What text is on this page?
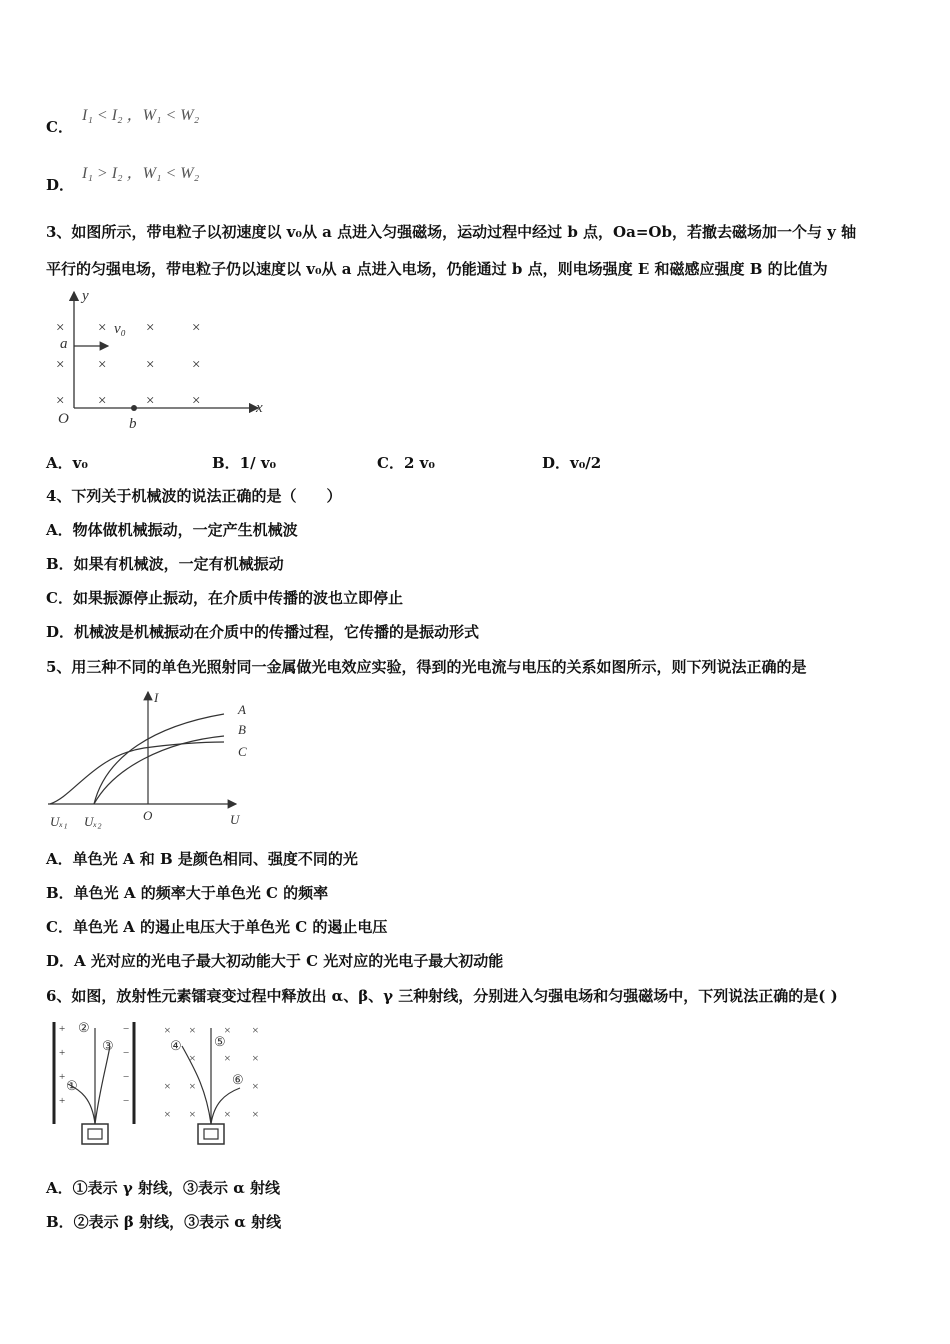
C．
I₁ < I₂ ，W₁ < W₂
D．
I₁ > I₂ ，W₁ < W₂
3、如图所示，带电粒子以初速度以 v₀从 a 点进入匀强磁场，运动过程中经过 b 点，Oa=Ob，若撤去磁场加一个与 y 轴
平行的匀强电场，带电粒子仍以速度以 v₀从 a 点进入电场，仍能通过 b 点，则电场强度 E 和磁感应强度 B 的比值为
y
x
O
a
b
v₀
× ×	×	×
× ×	×	×
× ×	×	×
A．v₀	B．1/ v₀	C．2 v₀	D．v₀/2
4、下列关于机械波的说法正确的是（　　）
A．物体做机械振动，一定产生机械波
B．如果有机械波，一定有机械振动
C．如果振源停止振动，在介质中传播的波也立即停止
D．机械波是机械振动在介质中的传播过程，它传播的是振动形式
5、用三种不同的单色光照射同一金属做光电效应实验，得到的光电流与电压的关系如图所示，则下列说法正确的是
I
U
O
Uₓ₁ Uₓ₂
A
B
C
A．单色光 A 和 B 是颜色相同、强度不同的光
B．单色光 A 的频率大于单色光 C 的频率
C．单色光 A 的遏止电压大于单色光 C 的遏止电压
D．A 光对应的光电子最大初动能大于 C 光对应的光电子最大初动能
6、如图，放射性元素镭衰变过程中释放出 α、β、γ 三种射线，分别进入匀强电场和匀强磁场中，下列说法正确的是( )
+
+
+
+
−
−
−
−
①
②
③
× × × ×
× × ×
× ×	×
× × × ×
④ ⑤
⑥
A．①表示 γ 射线，③表示 α 射线
B．②表示 β 射线，③表示 α 射线
